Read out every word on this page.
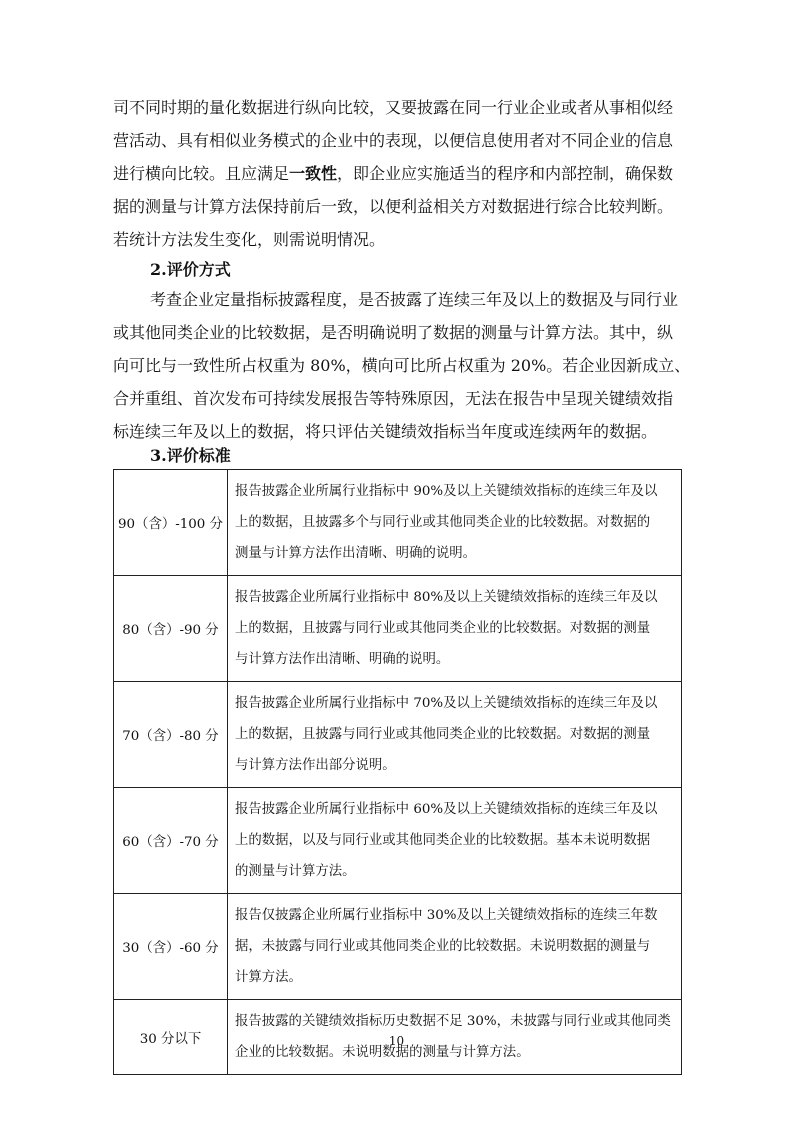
司不同时期的量化数据进行纵向比较，又要披露在同一行业企业或者从事相似经
营活动、具有相似业务模式的企业中的表现，以便信息使用者对不同企业的信息
进行横向比较。且应满足一致性，即企业应实施适当的程序和内部控制，确保数
据的测量与计算方法保持前后一致，以便利益相关方对数据进行综合比较判断。
若统计方法发生变化，则需说明情况。

2.评价方式

考查企业定量指标披露程度，是否披露了连续三年及以上的数据及与同行业
或其他同类企业的比较数据，是否明确说明了数据的测量与计算方法。其中，纵
向可比与一致性所占权重为 80%，横向可比所占权重为 20%。若企业因新成立、
合并重组、首次发布可持续发展报告等特殊原因，无法在报告中呈现关键绩效指
标连续三年及以上的数据，将只评估关键绩效指标当年度或连续两年的数据。

3.评价标准

90（含）-100 分	报告披露企业所属行业指标中 90%及以上关键绩效指标的连续三年及以
上的数据，且披露多个与同行业或其他同类企业的比较数据。对数据的
测量与计算方法作出清晰、明确的说明。

80（含）-90 分	报告披露企业所属行业指标中 80%及以上关键绩效指标的连续三年及以
上的数据，且披露与同行业或其他同类企业的比较数据。对数据的测量
与计算方法作出清晰、明确的说明。

70（含）-80 分	报告披露企业所属行业指标中 70%及以上关键绩效指标的连续三年及以
上的数据，且披露与同行业或其他同类企业的比较数据。对数据的测量
与计算方法作出部分说明。

60（含）-70 分	报告披露企业所属行业指标中 60%及以上关键绩效指标的连续三年及以
上的数据，以及与同行业或其他同类企业的比较数据。基本未说明数据
的测量与计算方法。

30（含）-60 分	报告仅披露企业所属行业指标中 30%及以上关键绩效指标的连续三年数
据，未披露与同行业或其他同类企业的比较数据。未说明数据的测量与
计算方法。

30 分以下	报告披露的关键绩效指标历史数据不足 30%，未披露与同行业或其他同类
企业的比较数据。未说明数据的测量与计算方法。
10
